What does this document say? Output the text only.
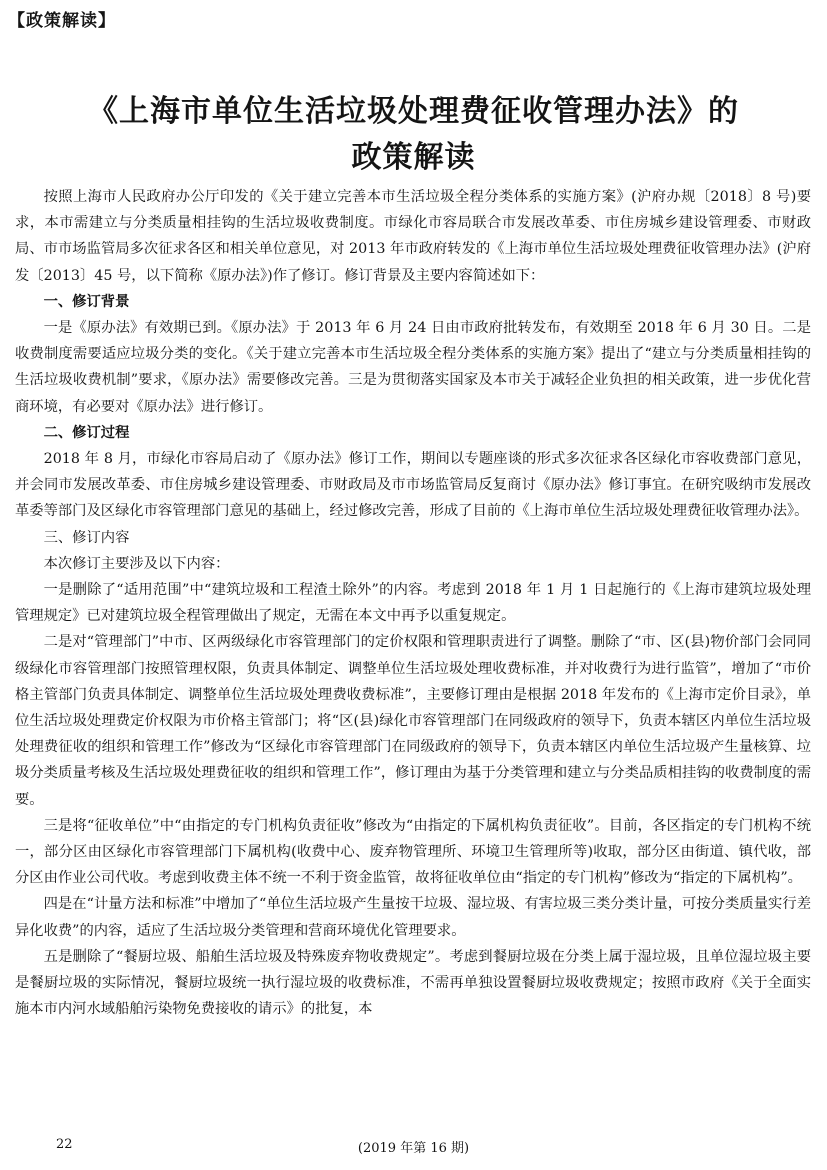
【政策解读】
《上海市单位生活垃圾处理费征收管理办法》的
政策解读

按照上海市人民政府办公厅印发的《关于建立完善本市生活垃圾全程分类体系的实施方案》(沪府办规〔2018〕8 号)要求，本市需建立与分类质量相挂钩的生活垃圾收费制度。市绿化市容局联合市发展改革委、市住房城乡建设管理委、市财政局、市市场监管局多次征求各区和相关单位意见，对 2013 年市政府转发的《上海市单位生活垃圾处理费征收管理办法》(沪府发〔2013〕45 号，以下简称《原办法》)作了修订。修订背景及主要内容简述如下：

一、修订背景

一是《原办法》有效期已到。《原办法》于 2013 年 6 月 24 日由市政府批转发布，有效期至 2018 年 6 月 30 日。二是收费制度需要适应垃圾分类的变化。《关于建立完善本市生活垃圾全程分类体系的实施方案》提出了“建立与分类质量相挂钩的生活垃圾收费机制”要求，《原办法》需要修改完善。三是为贯彻落实国家及本市关于减轻企业负担的相关政策，进一步优化营商环境，有必要对《原办法》进行修订。

二、修订过程

2018 年 8 月，市绿化市容局启动了《原办法》修订工作，期间以专题座谈的形式多次征求各区绿化市容收费部门意见，并会同市发展改革委、市住房城乡建设管理委、市财政局及市市场监管局反复商讨《原办法》修订事宜。在研究吸纳市发展改革委等部门及区绿化市容管理部门意见的基础上，经过修改完善，形成了目前的《上海市单位生活垃圾处理费征收管理办法》。

三、修订内容

本次修订主要涉及以下内容：

一是删除了“适用范围”中“建筑垃圾和工程渣土除外”的内容。考虑到 2018 年 1 月 1 日起施行的《上海市建筑垃圾处理管理规定》已对建筑垃圾全程管理做出了规定，无需在本文中再予以重复规定。

二是对“管理部门”中市、区两级绿化市容管理部门的定价权限和管理职责进行了调整。删除了“市、区(县)物价部门会同同级绿化市容管理部门按照管理权限，负责具体制定、调整单位生活垃圾处理收费标准，并对收费行为进行监管”，增加了“市价格主管部门负责具体制定、调整单位生活垃圾处理费收费标准”，主要修订理由是根据 2018 年发布的《上海市定价目录》，单位生活垃圾处理费定价权限为市价格主管部门；将“区(县)绿化市容管理部门在同级政府的领导下，负责本辖区内单位生活垃圾处理费征收的组织和管理工作”修改为“区绿化市容管理部门在同级政府的领导下，负责本辖区内单位生活垃圾产生量核算、垃圾分类质量考核及生活垃圾处理费征收的组织和管理工作”，修订理由为基于分类管理和建立与分类品质相挂钩的收费制度的需要。

三是将“征收单位”中“由指定的专门机构负责征收”修改为“由指定的下属机构负责征收”。目前，各区指定的专门机构不统一，部分区由区绿化市容管理部门下属机构(收费中心、废弃物管理所、环境卫生管理所等)收取，部分区由街道、镇代收，部分区由作业公司代收。考虑到收费主体不统一不利于资金监管，故将征收单位由“指定的专门机构”修改为“指定的下属机构”。

四是在“计量方法和标准”中增加了“单位生活垃圾产生量按干垃圾、湿垃圾、有害垃圾三类分类计量，可按分类质量实行差异化收费”的内容，适应了生活垃圾分类管理和营商环境优化管理要求。

五是删除了“餐厨垃圾、船舶生活垃圾及特殊废弃物收费规定”。考虑到餐厨垃圾在分类上属于湿垃圾，且单位湿垃圾主要是餐厨垃圾的实际情况，餐厨垃圾统一执行湿垃圾的收费标准，不需再单独设置餐厨垃圾收费规定；按照市政府《关于全面实施本市内河水域船舶污染物免费接收的请示》的批复，本

22	(2019 年第 16 期)
